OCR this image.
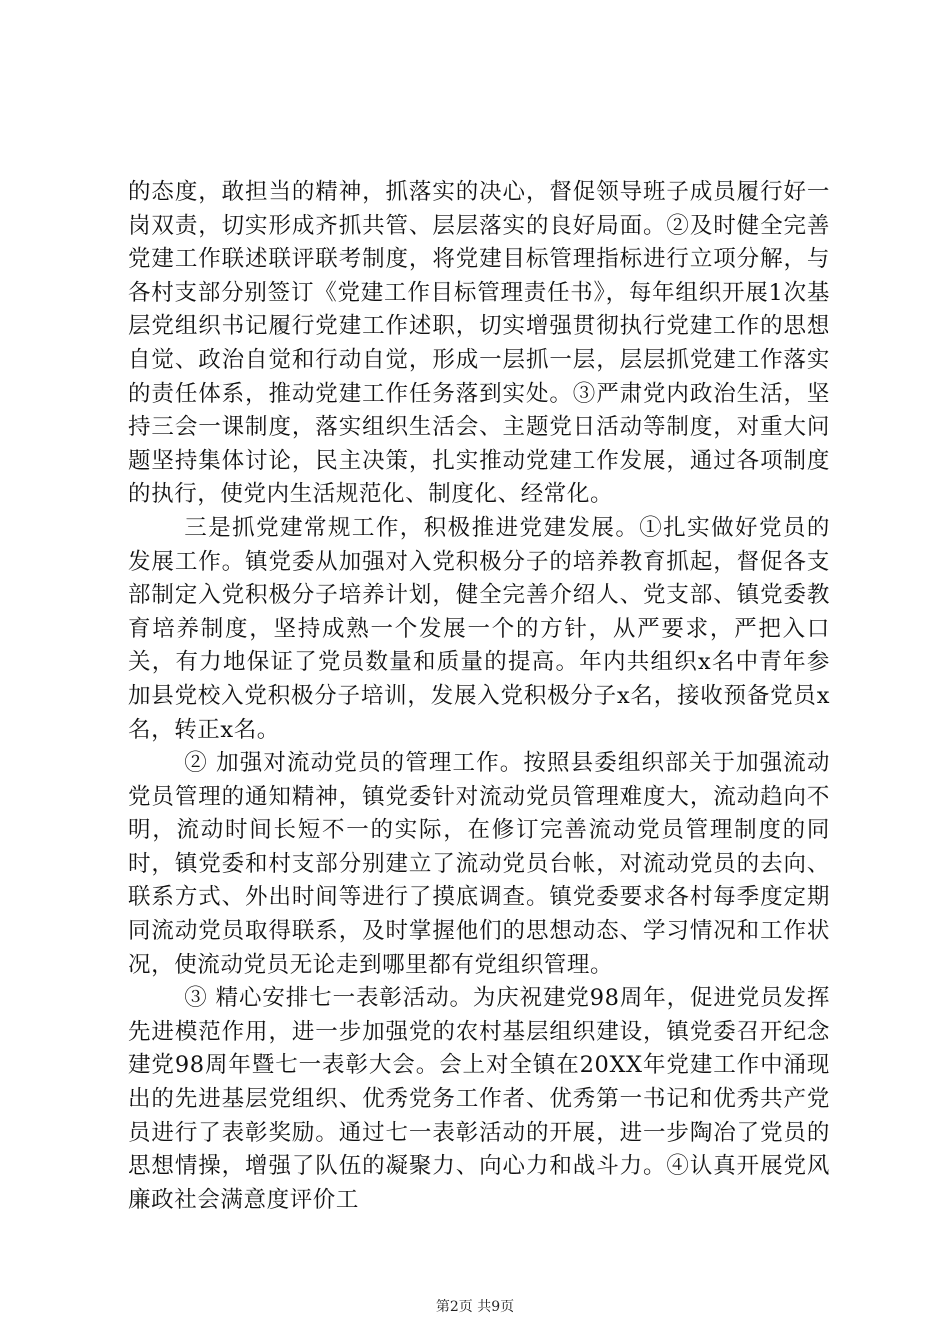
的态度，敢担当的精神，抓落实的决心，督促领导班子成员履行好一岗双责，切实形成齐抓共管、层层落实的良好局面。②及时健全完善党建工作联述联评联考制度，将党建目标管理指标进行立项分解，与各村支部分别签订《党建工作目标管理责任书》，每年组织开展1次基层党组织书记履行党建工作述职，切实增强贯彻执行党建工作的思想自觉、政治自觉和行动自觉，形成一层抓一层，层层抓党建工作落实的责任体系，推动党建工作任务落到实处。③严肃党内政治生活，坚持三会一课制度，落实组织生活会、主题党日活动等制度，对重大问题坚持集体讨论，民主决策，扎实推动党建工作发展，通过各项制度的执行，使党内生活规范化、制度化、经常化。

三是抓党建常规工作，积极推进党建发展。①扎实做好党员的发展工作。镇党委从加强对入党积极分子的培养教育抓起，督促各支部制定入党积极分子培养计划，健全完善介绍人、党支部、镇党委教育培养制度，坚持成熟一个发展一个的方针，从严要求，严把入口关，有力地保证了党员数量和质量的提高。年内共组织x名中青年参加县党校入党积极分子培训，发展入党积极分子x名，接收预备党员x名，转正x名。

② 加强对流动党员的管理工作。按照县委组织部关于加强流动党员管理的通知精神，镇党委针对流动党员管理难度大，流动趋向不明，流动时间长短不一的实际，在修订完善流动党员管理制度的同时，镇党委和村支部分别建立了流动党员台帐，对流动党员的去向、联系方式、外出时间等进行了摸底调查。镇党委要求各村每季度定期同流动党员取得联系，及时掌握他们的思想动态、学习情况和工作状况，使流动党员无论走到哪里都有党组织管理。

③ 精心安排七一表彰活动。为庆祝建党98周年，促进党员发挥先进模范作用，进一步加强党的农村基层组织建设，镇党委召开纪念建党98周年暨七一表彰大会。会上对全镇在20XX年党建工作中涌现出的先进基层党组织、优秀党务工作者、优秀第一书记和优秀共产党员进行了表彰奖励。通过七一表彰活动的开展，进一步陶冶了党员的思想情操，增强了队伍的凝聚力、向心力和战斗力。④认真开展党风廉政社会满意度评价工

第2页 共9页
